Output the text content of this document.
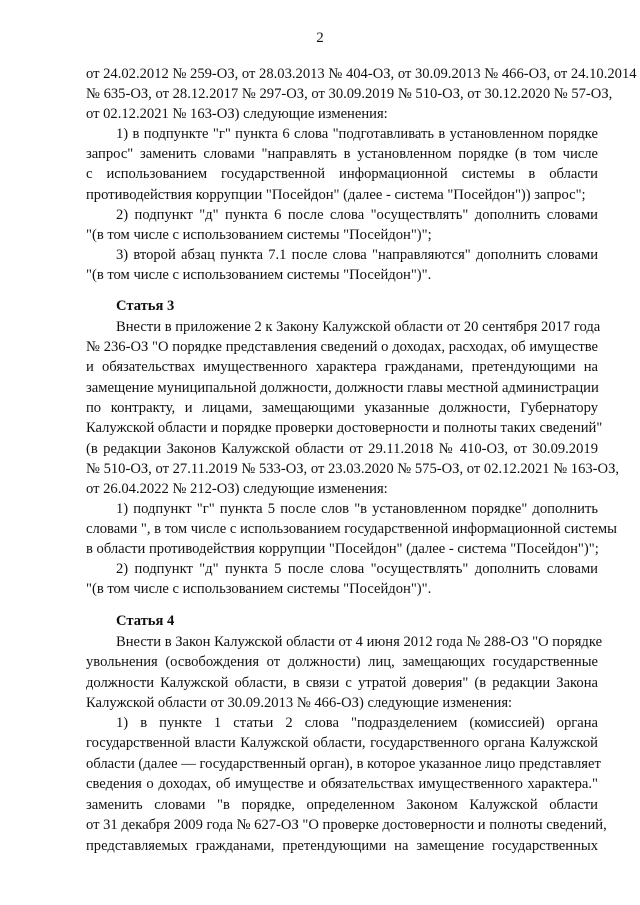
2
от 24.02.2012 № 259-ОЗ, от 28.03.2013 № 404-ОЗ, от 30.09.2013 № 466-ОЗ, от 24.10.2014
№ 635-ОЗ, от 28.12.2017 № 297-ОЗ, от 30.09.2019 № 510-ОЗ, от 30.12.2020 № 57-ОЗ,
от 02.12.2021 № 163-ОЗ) следующие изменения:
1) в подпункте "г" пункта 6 слова "подготавливать в установленном порядке
запрос" заменить словами "направлять в установленном порядке (в том числе
с использованием государственной информационной системы в области
противодействия коррупции "Посейдон" (далее - система "Посейдон")) запрос";
2) подпункт "д" пункта 6 после слова "осуществлять" дополнить словами
"(в том числе с использованием системы "Посейдон")";
3) второй абзац пункта 7.1 после слова "направляются" дополнить словами
"(в том числе с использованием системы "Посейдон")".
Статья 3
Внести в приложение 2 к Закону Калужской области от 20 сентября 2017 года
№ 236-ОЗ "О порядке представления сведений о доходах, расходах, об имуществе
и обязательствах имущественного характера гражданами, претендующими на
замещение муниципальной должности, должности главы местной администрации
по контракту, и лицами, замещающими указанные должности, Губернатору
Калужской области и порядке проверки достоверности и полноты таких сведений"
(в редакции Законов Калужской области от 29.11.2018 № 410-ОЗ, от 30.09.2019
№ 510-ОЗ, от 27.11.2019 № 533-ОЗ, от 23.03.2020 № 575-ОЗ, от 02.12.2021 № 163-ОЗ,
от 26.04.2022 № 212-ОЗ) следующие изменения:
1) подпункт "г" пункта 5 после слов "в установленном порядке" дополнить
словами ", в том числе с использованием государственной информационной системы
в области противодействия коррупции "Посейдон" (далее - система "Посейдон")";
2) подпункт "д" пункта 5 после слова "осуществлять" дополнить словами
"(в том числе с использованием системы "Посейдон")".
Статья 4
Внести в Закон Калужской области от 4 июня 2012 года № 288-ОЗ "О порядке
увольнения (освобождения от должности) лиц, замещающих государственные
должности Калужской области, в связи с утратой доверия" (в редакции Закона
Калужской области от 30.09.2013 № 466-ОЗ) следующие изменения:
1) в пункте 1 статьи 2 слова "подразделением (комиссией) органа
государственной власти Калужской области, государственного органа Калужской
области (далее — государственный орган), в которое указанное лицо представляет
сведения о доходах, об имуществе и обязательствах имущественного характера."
заменить словами "в порядке, определенном Законом Калужской области
от 31 декабря 2009 года № 627-ОЗ "О проверке достоверности и полноты сведений,
представляемых гражданами, претендующими на замещение государственных
